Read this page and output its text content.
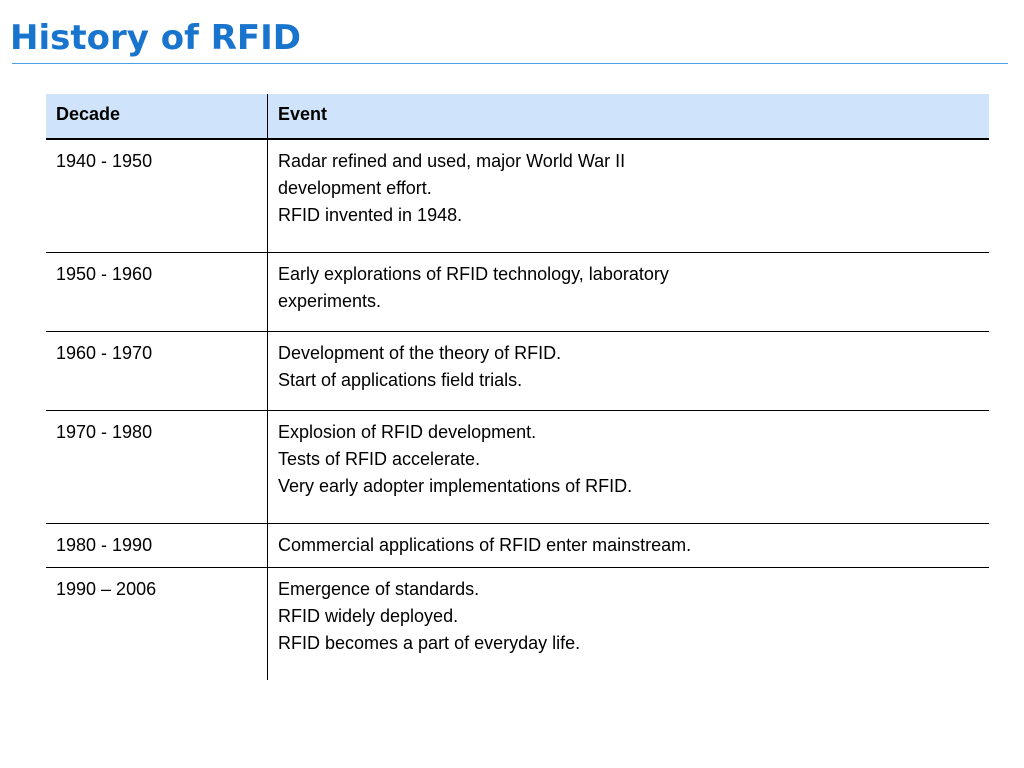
History of RFID
Decade	Event
1940 - 1950	Radar refined and used, major World War II
development effort.
RFID invented in 1948.

1950 - 1960	Early explorations of RFID technology, laboratory
experiments.

1960 - 1970	Development of the theory of RFID.
Start of applications field trials.

1970 - 1980	Explosion of RFID development.
Tests of RFID accelerate.
Very early adopter implementations of RFID.

1980 - 1990	Commercial applications of RFID enter mainstream.

1990 – 2006	Emergence of standards.
RFID widely deployed.
RFID becomes a part of everyday life.
